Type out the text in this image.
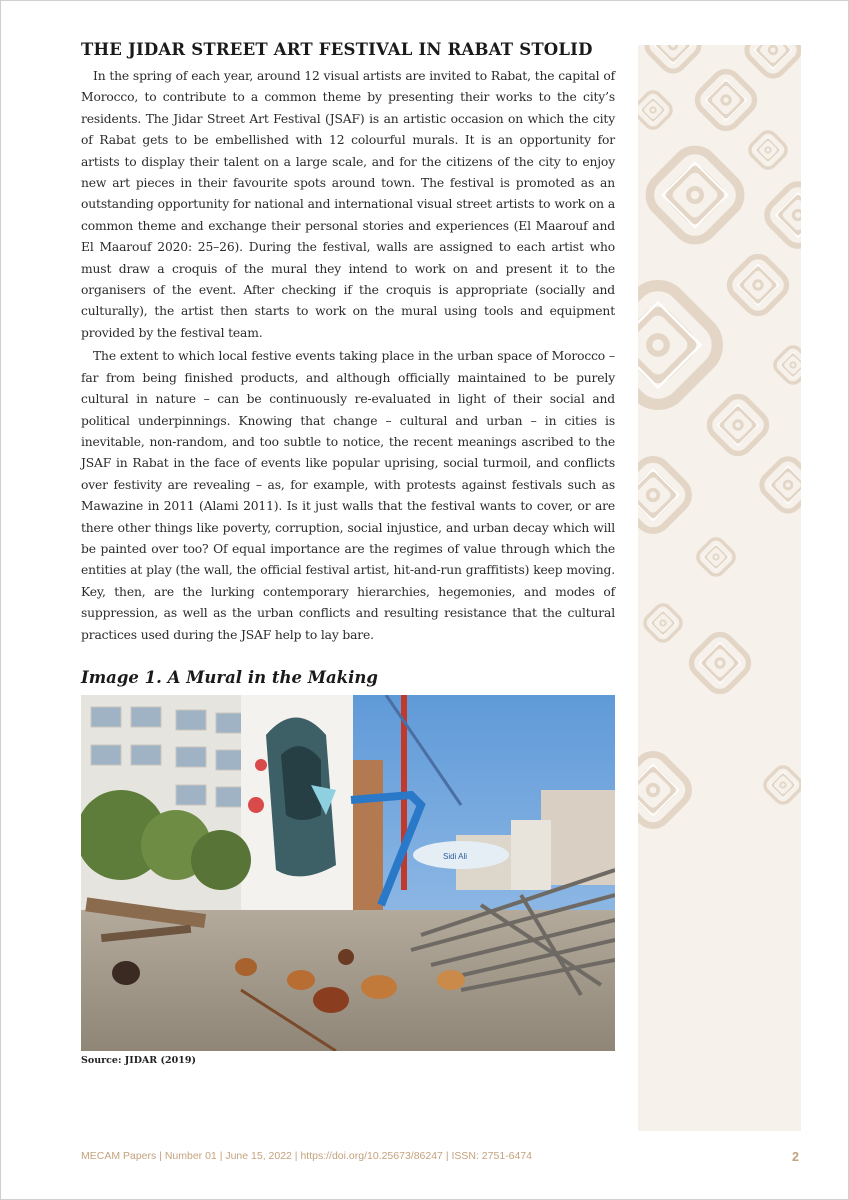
THE JIDAR STREET ART FESTIVAL IN RABAT STOLID

In the spring of each year, around 12 visual artists are invited to Rabat, the capital of Morocco, to contribute to a common theme by presenting their works to the city’s residents. The Jidar Street Art Festival (JSAF) is an artistic occasion on which the city of Rabat gets to be embellished with 12 colourful murals. It is an opportunity for artists to display their talent on a large scale, and for the citizens of the city to enjoy new art pieces in their favourite spots around town. The festival is promoted as an outstanding opportunity for national and international visual street artists to work on a common theme and exchange their personal stories and experiences (El Maarouf and El Maarouf 2020: 25–26). During the festival, walls are assigned to each artist who must draw a croquis of the mural they intend to work on and present it to the organisers of the event. After checking if the croquis is appropriate (socially and culturally), the artist then starts to work on the mural using tools and equipment provided by the festival team.

The extent to which local festive events taking place in the urban space of Morocco – far from being finished products, and although officially maintained to be purely cultural in nature – can be continuously re-evaluated in light of their social and political underpinnings. Knowing that change – cultural and urban – in cities is inevitable, non-random, and too subtle to notice, the recent meanings ascribed to the JSAF in Rabat in the face of events like popular uprising, social turmoil, and conflicts over festivity are revealing – as, for example, with protests against festivals such as Mawazine in 2011 (Alami 2011). Is it just walls that the festival wants to cover, or are there other things like poverty, corruption, social injustice, and urban decay which will be painted over too? Of equal importance are the regimes of value through which the entities at play (the wall, the official festival artist, hit-and-run graffitists) keep moving. Key, then, are the lurking contemporary hierarchies, hegemonies, and modes of suppression, as well as the urban conflicts and resulting resistance that the cultural practices used during the JSAF help to lay bare.

Image 1. A Mural in the Making
Sidi Ali
Source: JIDAR (2019)
MECAM Papers | Number 01 | June 15, 2022 | https://doi.org/10.25673/86247 | ISSN: 2751-6474	2
